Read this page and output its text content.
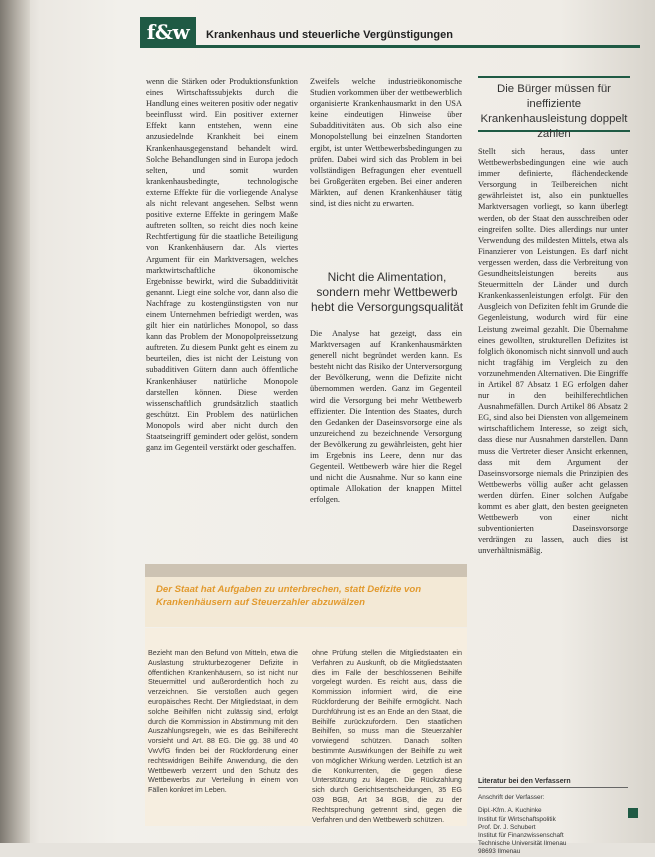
f&w	Krankenhaus und steuerliche Vergünstigungen

wenn die Stärken oder Produktionsfunktion eines Wirtschaftssubjekts durch die Handlung eines weiteren positiv oder negativ beeinflusst wird. Ein positiver externer Effekt kann entstehen, wenn eine anzusiedelnde Krankheit bei einem Krankenhausgegenstand behandelt wird. Solche Behandlungen sind in Europa jedoch selten, und somit wurden krankenhausbedingte, technologische externe Effekte für die vorliegende Analyse als nicht relevant angesehen. Selbst wenn positive externe Effekte in geringem Maße auftreten sollten, so reicht dies noch keine Rechtfertigung für die staatliche Beteiligung von Krankenhäusern dar. Als viertes Argument für ein Marktversagen, welches marktwirtschaftliche ökonomische Ergebnisse bewirkt, wird die Subadditivität genannt. Liegt eine solche vor, dann also die Nachfrage zu kostengünstigsten von nur einem Unternehmen befriedigt werden, was gilt hier ein natürliches Monopol, so dass kann das Problem der Monopolpreissetzung auftreten. Zu diesem Punkt geht es einem zu beurteilen, dies ist nicht der Leistung von subadditiven Gütern dann auch öffentliche Krankenhäuser natürliche Monopole darstellen können. Diese werden wissenschaftlich grundsätzlich staatlich geschützt. Ein Problem des natürlichen Monopols wird aber nicht durch den Staatseingriff gemindert oder gelöst, sondern ganz im Gegenteil verstärkt oder geschaffen.

Zweifels welche industrieökonomische Studien vorkommen über der wettbewerblich organisierte Krankenhausmarkt in den USA keine eindeutigen Hinweise über Subadditivitäten aus. Ob sich also eine Monopolstellung bei einzelnen Standorten ergibt, ist unter Wettbewerbsbedingungen zu prüfen. Dabei wird sich das Problem in bei vollständigen Befragungen eher eventuell bei Großgeräten ergeben. Bei einer anderen Märkten, auf denen Krankenhäuser tätig sind, ist dies nicht zu erwarten.

Nicht die Alimentation, sondern mehr Wettbewerb hebt die Versorgungsqualität

Die Analyse hat gezeigt, dass ein Marktversagen auf Krankenhausmärkten generell nicht begründet werden kann. Es besteht nicht das Risiko der Unterversorgung der Bevölkerung, wenn die Defizite nicht übernommen werden. Ganz im Gegenteil wird die Versorgung bei mehr Wettbewerb effizienter. Die Intention des Staates, durch den Gedanken der Daseinsvorsorge eine als unzureichend zu bezeichnende Versorgung der Bevölkerung zu gewährleisten, geht hier im Ergebnis ins Leere, denn nur das Gegenteil. Wettbewerb wäre hier die Regel und nicht die Ausnahme. Nur so kann eine optimale Allokation der knappen Mittel erfolgen.

Die Bürger müssen für ineffiziente Krankenhausleistung doppelt zahlen

Stellt sich heraus, dass unter Wettbewerbsbedingungen eine wie auch immer definierte, flächendeckende Versorgung in Teilbereichen nicht gewährleistet ist, also ein punktuelles Marktversagen vorliegt, so kann überlegt werden, ob der Staat den ausschreiben oder eingreifen sollte. Dies allerdings nur unter Verwendung des mildesten Mittels, etwa als Finanzierer von Leistungen. Es darf nicht vergessen werden, dass die Verbreitung von Gesundheitsleistungen bereits aus Steuermitteln der Länder und durch Krankenkassenleistungen erfolgt. Für den Ausgleich von Defiziten fehlt im Grunde die Gegenleistung, wodurch wird für eine Leistung zweimal gezahlt. Die Übernahme eines gewollten, strukturellen Defizites ist folglich ökonomisch nicht sinnvoll und auch nicht tragfähig im Vergleich zu den vorzunehmenden Alternativen. Die Eingriffe in Artikel 87 Absatz 1 EG erfolgen daher nur in den beihilferechtlichen Ausnahmefällen. Durch Artikel 86 Absatz 2 EG, sind also bei Diensten von allgemeinem wirtschaftlichem Interesse, so zeigt sich, dass diese nur Ausnahmen darstellen. Dann muss die Vertreter dieser Ansicht erkennen, dass mit dem Argument der Daseinsvorsorge niemals die Prinzipien des Wettbewerbs völlig außer acht gelassen werden dürfen. Einer solchen Aufgabe kommt es aber glatt, den besten geeigneten Wettbewerb von einer nicht subventionierten Daseinsvorsorge verdrängen zu lassen, auch dies ist unverhältnismäßig.

Der Staat hat Aufgaben zu unterbrechen, statt Defizite von Krankenhäusern auf Steuerzahler abzuwälzen
Bezieht man den Befund von Mitteln, etwa die Auslastung strukturbezogener Defizite in öffentlichen Krankenhäusern, so ist nicht nur Steuermittel und außerordentlich hoch zu verzeichnen. Sie verstoßen auch gegen europäisches Recht. Der Mitgliedstaat, in dem solche Beihilfen nicht zulässig sind, erfolgt durch die Kommission in Abstimmung mit den Auszahlungsregeln, wie es das Beihilferecht vorsieht und Art. 88 EG. Die gg. 38 und 40 VwVfG finden bei der Rückforderung einer rechtswidrigen Beihilfe Anwendung, die den Wettbewerb verzerrt und den Schutz des Wettbewerbs zur Verteilung in einem von Fällen konkret im Leben.
ohne Prüfung stellen die Mitgliedstaaten ein Verfahren zu Auskunft, ob die Mitgliedstaaten dies im Falle der beschlossenen Beihilfe vorgelegt wurden. Es reicht aus, dass die Kommission informiert wird, die eine Rückforderung der Beihilfe ermöglicht. Nach Durchführung ist es an Ende an den Staat, die Beihilfe zurückzufordern. Den staatlichen Beihilfen, so muss man die Steuerzahler vorwiegend schützen. Danach sollten bestimmte Auswirkungen der Beihilfe zu weit von möglicher Wirkung werden. Letztlich ist an die Konkurrenten, die gegen diese Unterstützung zu klagen. Die Rückzahlung sich durch Gerichtsentscheidungen, 35 EG 039 BGB, Art 34 BGB, die zu der Rechtsprechung getrennt sind, gegen die Verfahren und den Wettbewerb schützen.
Literatur bei den Verfassern
Anschrift der Verfasser:
Dipl.-Kfm. A. Kuchinke
Institut für Wirtschaftspolitik
Prof. Dr. J. Schubert
Institut für Finanzwissenschaft
Technische Universität Ilmenau
98693 Ilmenau
